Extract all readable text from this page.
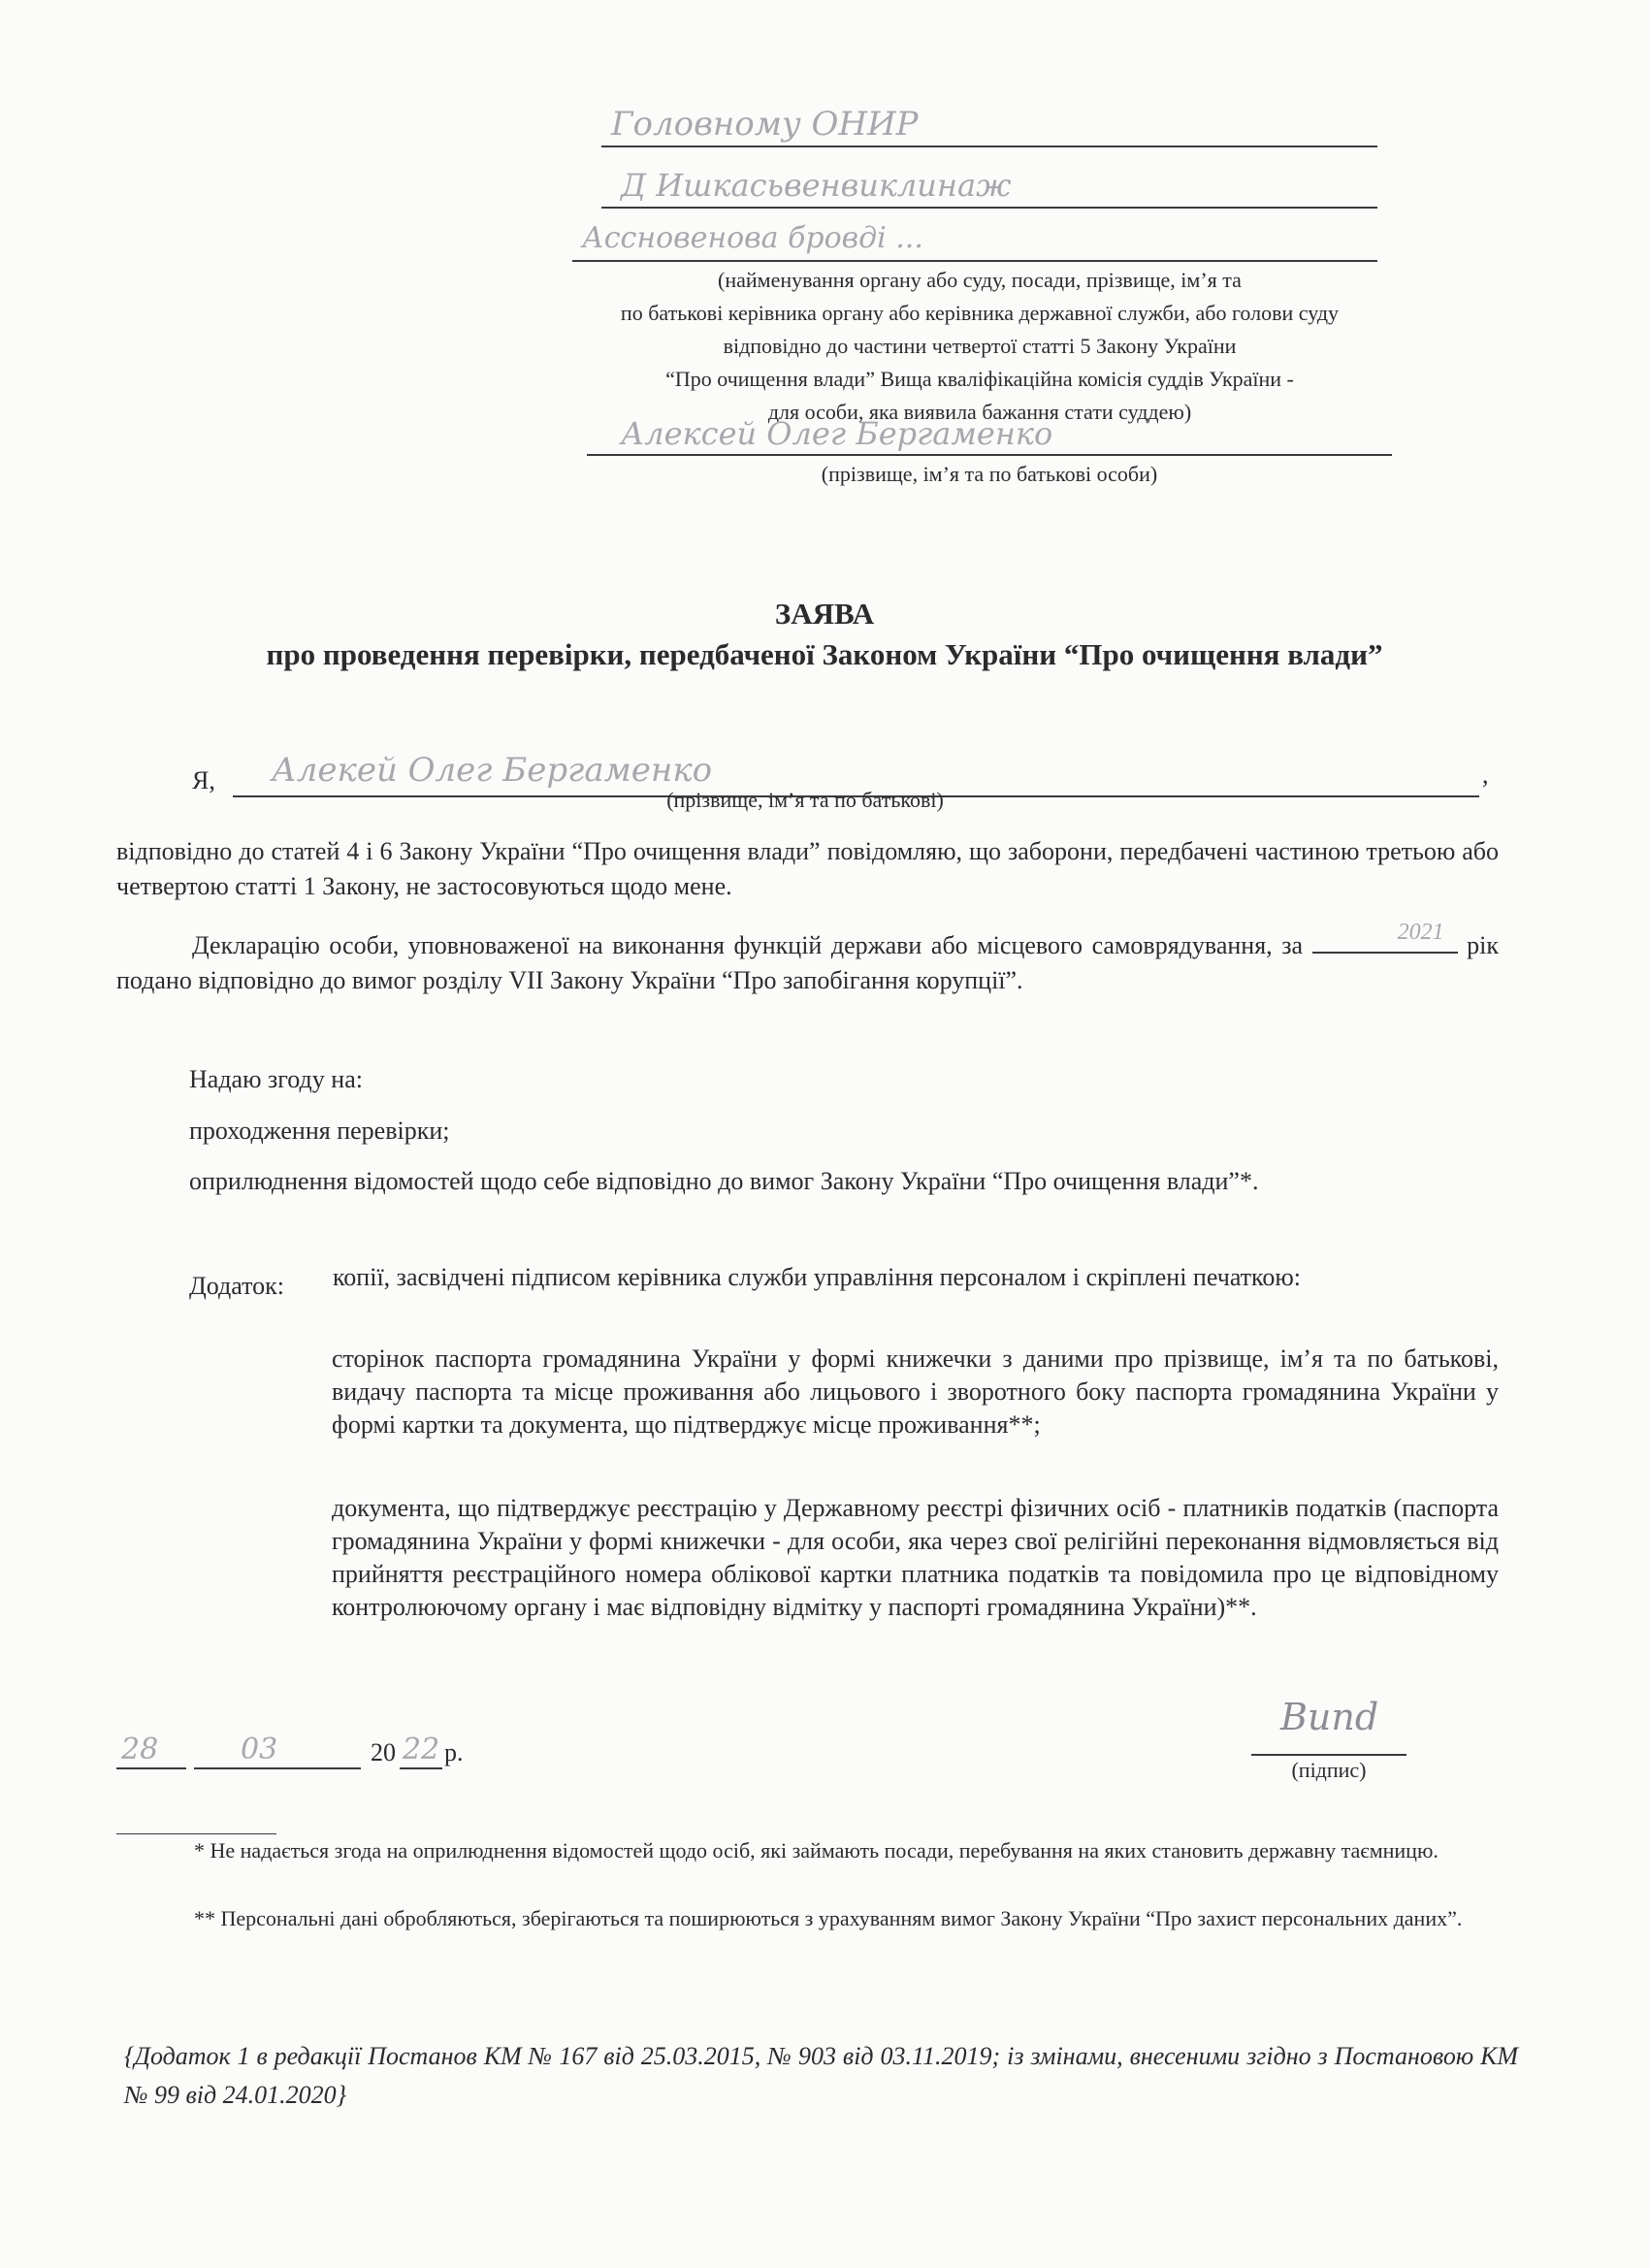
Головному ОНИР
Д Ишкасьвенвиклинаж
Ассновенова бровді ...
(найменування органу або суду, посади, прізвище, ім’я та
по батькові керівника органу або керівника державної служби, або голови суду
відповідно до частини четвертої статті 5 Закону України
“Про очищення влади” Вища кваліфікаційна комісія суддів України -
для особи, яка виявила бажання стати суддею)
Алексей Олег Бергаменко
(прізвище, ім’я та по батькові особи)
ЗАЯВА
про проведення перевірки, передбаченої Законом України “Про очищення влади”
Я, Алекей Олег Бергаменко	,
(прізвище, ім’я та по батькові)
відповідно до статей 4 і 6 Закону України “Про очищення влади” повідомляю, що заборони, передбачені частиною третьою або четвертою статті 1 Закону, не застосовуються щодо мене.
Декларацію особи, уповноваженої на виконання функцій держави або місцевого самоврядування, за	2021 рік подано відповідно до вимог розділу VII Закону України “Про запобігання корупції”.
Надаю згоду на:
проходження перевірки;
оприлюднення відомостей щодо себе відповідно до вимог Закону України “Про очищення влади”*.
Додаток:	копії, засвідчені підписом керівника служби управління персоналом і скріплені печаткою:
сторінок паспорта громадянина України у формі книжечки з даними про прізвище, ім’я та по батькові, видачу паспорта та місце проживання або лицьового і зворотного боку паспорта громадянина України у формі картки та документа, що підтверджує місце проживання**;
документа, що підтверджує реєстрацію у Державному реєстрі фізичних осіб - платників податків (паспорта громадянина України у формі книжечки - для особи, яка через свої релігійні переконання відмовляється від прийняття реєстраційного номера облікової картки платника податків та повідомила про це відповідному контролюючому органу і має відповідну відмітку у паспорті громадянина України)**.
28	03	20 22 р.
Bund
(підпис)
* Не надається згода на оприлюднення відомостей щодо осіб, які займають посади, перебування на яких становить державну таємницю.
** Персональні дані обробляються, зберігаються та поширюються з урахуванням вимог Закону України “Про захист персональних даних”.
{Додаток 1 в редакції Постанов КМ № 167 від 25.03.2015, № 903 від 03.11.2019; із змінами, внесеними згідно з Постановою КМ № 99 від 24.01.2020}
